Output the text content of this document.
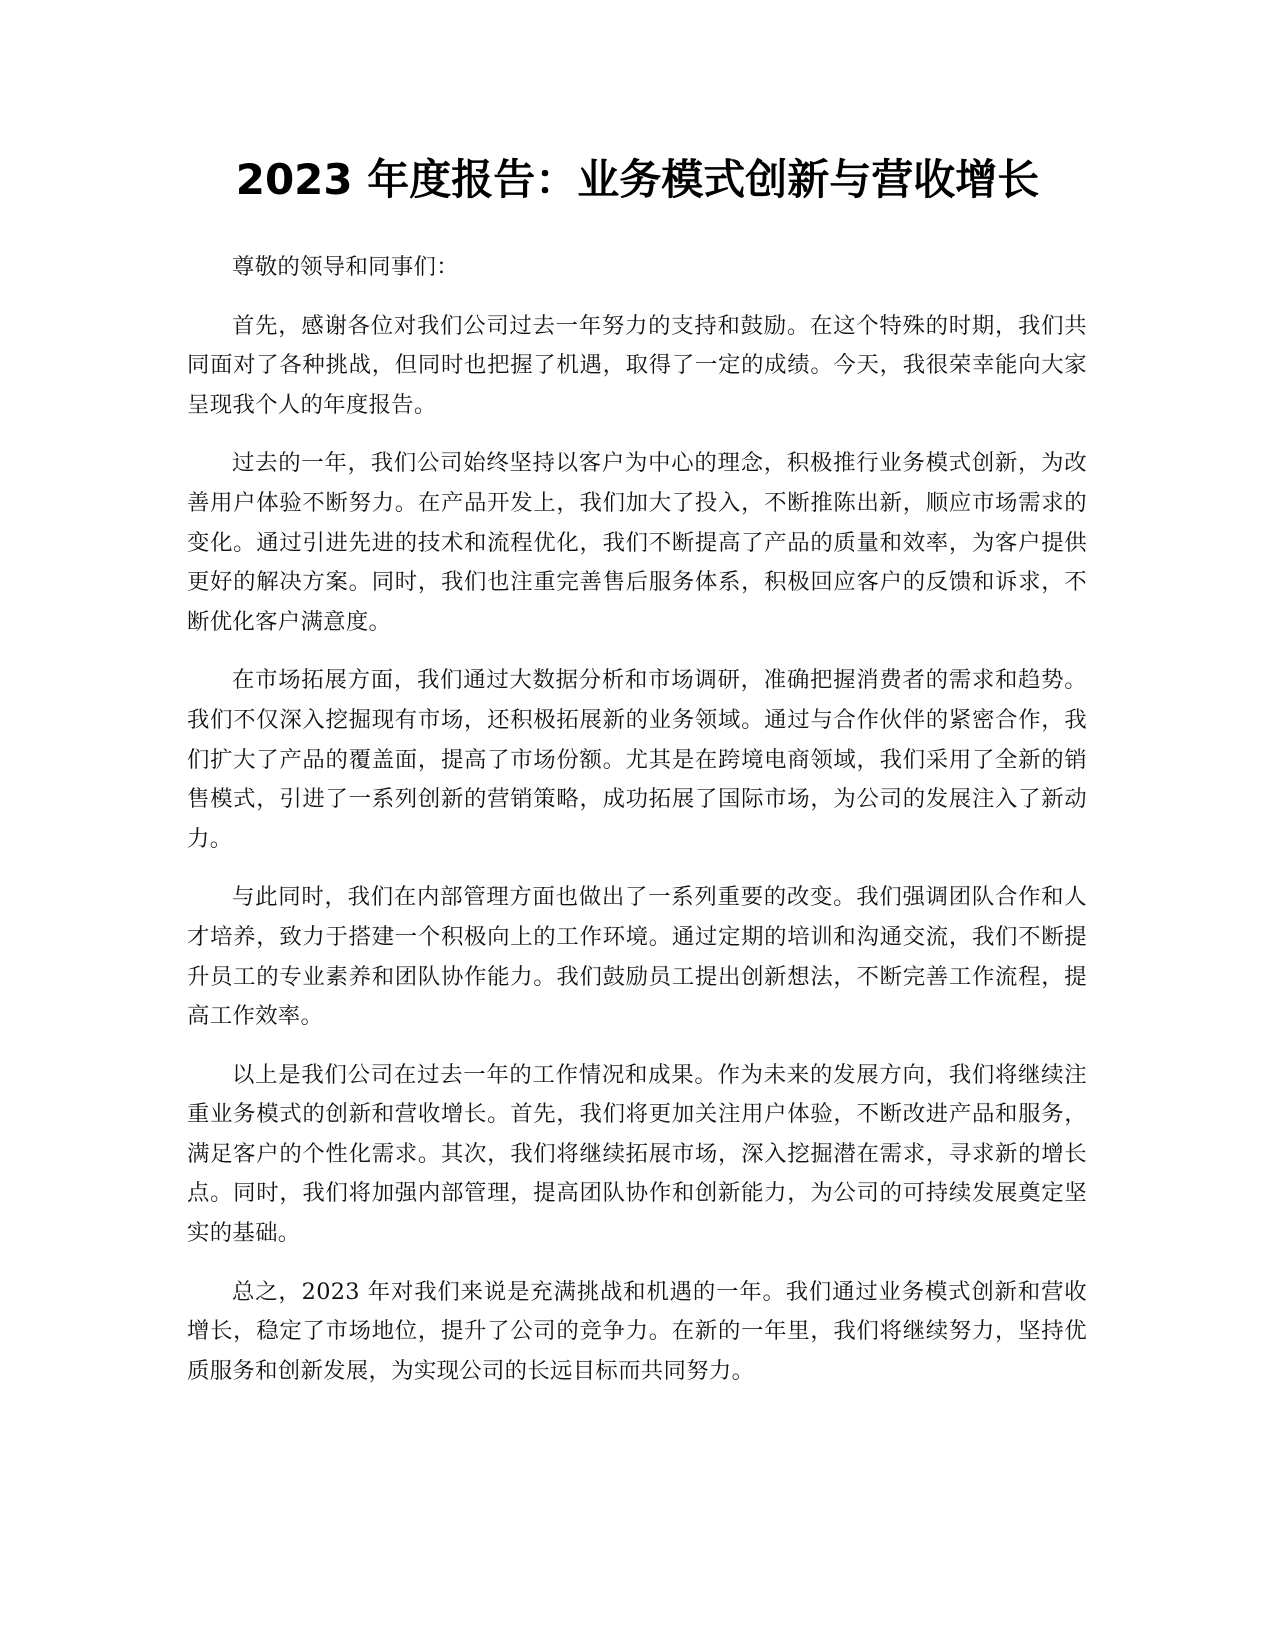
2023 年度报告：业务模式创新与营收增长

尊敬的领导和同事们：

首先，感谢各位对我们公司过去一年努力的支持和鼓励。在这个特殊的时期，我们共同面对了各种挑战，但同时也把握了机遇，取得了一定的成绩。今天，我很荣幸能向大家呈现我个人的年度报告。

过去的一年，我们公司始终坚持以客户为中心的理念，积极推行业务模式创新，为改善用户体验不断努力。在产品开发上，我们加大了投入，不断推陈出新，顺应市场需求的变化。通过引进先进的技术和流程优化，我们不断提高了产品的质量和效率，为客户提供更好的解决方案。同时，我们也注重完善售后服务体系，积极回应客户的反馈和诉求，不断优化客户满意度。

在市场拓展方面，我们通过大数据分析和市场调研，准确把握消费者的需求和趋势。我们不仅深入挖掘现有市场，还积极拓展新的业务领域。通过与合作伙伴的紧密合作，我们扩大了产品的覆盖面，提高了市场份额。尤其是在跨境电商领域，我们采用了全新的销售模式，引进了一系列创新的营销策略，成功拓展了国际市场，为公司的发展注入了新动力。

与此同时，我们在内部管理方面也做出了一系列重要的改变。我们强调团队合作和人才培养，致力于搭建一个积极向上的工作环境。通过定期的培训和沟通交流，我们不断提升员工的专业素养和团队协作能力。我们鼓励员工提出创新想法，不断完善工作流程，提高工作效率。

以上是我们公司在过去一年的工作情况和成果。作为未来的发展方向，我们将继续注重业务模式的创新和营收增长。首先，我们将更加关注用户体验，不断改进产品和服务，满足客户的个性化需求。其次，我们将继续拓展市场，深入挖掘潜在需求，寻求新的增长点。同时，我们将加强内部管理，提高团队协作和创新能力，为公司的可持续发展奠定坚实的基础。

总之，2023 年对我们来说是充满挑战和机遇的一年。我们通过业务模式创新和营收增长，稳定了市场地位，提升了公司的竞争力。在新的一年里，我们将继续努力，坚持优质服务和创新发展，为实现公司的长远目标而共同努力。
